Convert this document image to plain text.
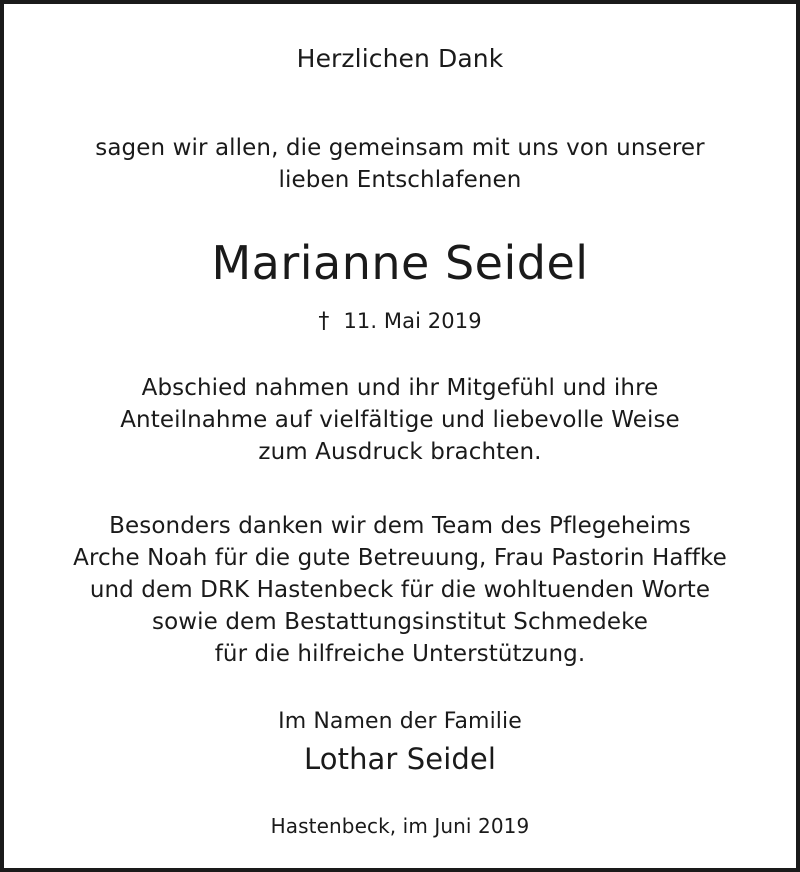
Herzlichen Dank
sagen wir allen, die gemeinsam mit uns von unserer
lieben Entschlafenen
Marianne Seidel
† 11. Mai 2019
Abschied nahmen und ihr Mitgefühl und ihre
Anteilnahme auf vielfältige und liebevolle Weise
zum Ausdruck brachten.
Besonders danken wir dem Team des Pflegeheims
Arche Noah für die gute Betreuung, Frau Pastorin Haffke
und dem DRK Hastenbeck für die wohltuenden Worte
sowie dem Bestattungsinstitut Schmedeke
für die hilfreiche Unterstützung.
Im Namen der Familie
Lothar Seidel
Hastenbeck, im Juni 2019
